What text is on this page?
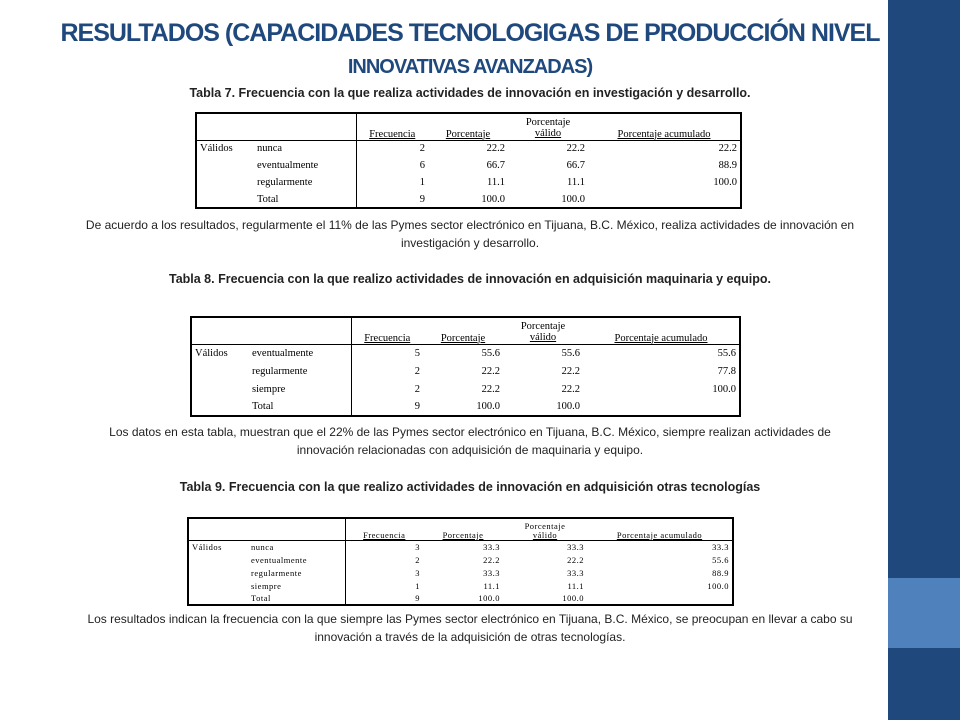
RESULTADOS (CAPACIDADES TECNOLOGIGAS DE PRODUCCIÓN NIVEL
INNOVATIVAS AVANZADAS)
Tabla 7. Frecuencia con la que realiza actividades de innovación en investigación y desarrollo.
		Frecuencia	Porcentaje	Porcentaje
válido	Porcentaje acumulado
Válidos	nunca	2	22.2	22.2	22.2
	eventualmente	6	66.7	66.7	88.9
	regularmente	1	11.1	11.1	100.0
	Total	9	100.0	100.0	
De acuerdo a los resultados, regularmente el 11% de las Pymes sector electrónico en Tijuana, B.C. México, realiza actividades de innovación en investigación y desarrollo.
Tabla 8. Frecuencia con la que realizo actividades de innovación en adquisición maquinaria y equipo.
		Frecuencia	Porcentaje	Porcentaje
válido	Porcentaje acumulado
Válidos	eventualmente	5	55.6	55.6	55.6
	regularmente	2	22.2	22.2	77.8
	siempre	2	22.2	22.2	100.0
	Total	9	100.0	100.0	
Los datos en esta tabla, muestran que el 22% de las Pymes sector electrónico en Tijuana, B.C. México, siempre realizan actividades de innovación relacionadas con adquisición de maquinaria y equipo.
Tabla 9. Frecuencia con la que realizo actividades de innovación en adquisición otras tecnologías
		Frecuencia	Porcentaje	Porcentaje
válido	Porcentaje acumulado
Válidos	nunca	3	33.3	33.3	33.3
	eventualmente	2	22.2	22.2	55.6
	regularmente	3	33.3	33.3	88.9
	siempre	1	11.1	11.1	100.0
	Total	9	100.0	100.0	
Los resultados indican la frecuencia con la que siempre las Pymes sector electrónico en Tijuana, B.C. México, se preocupan en llevar a cabo su innovación a través de la adquisición de otras tecnologías.
